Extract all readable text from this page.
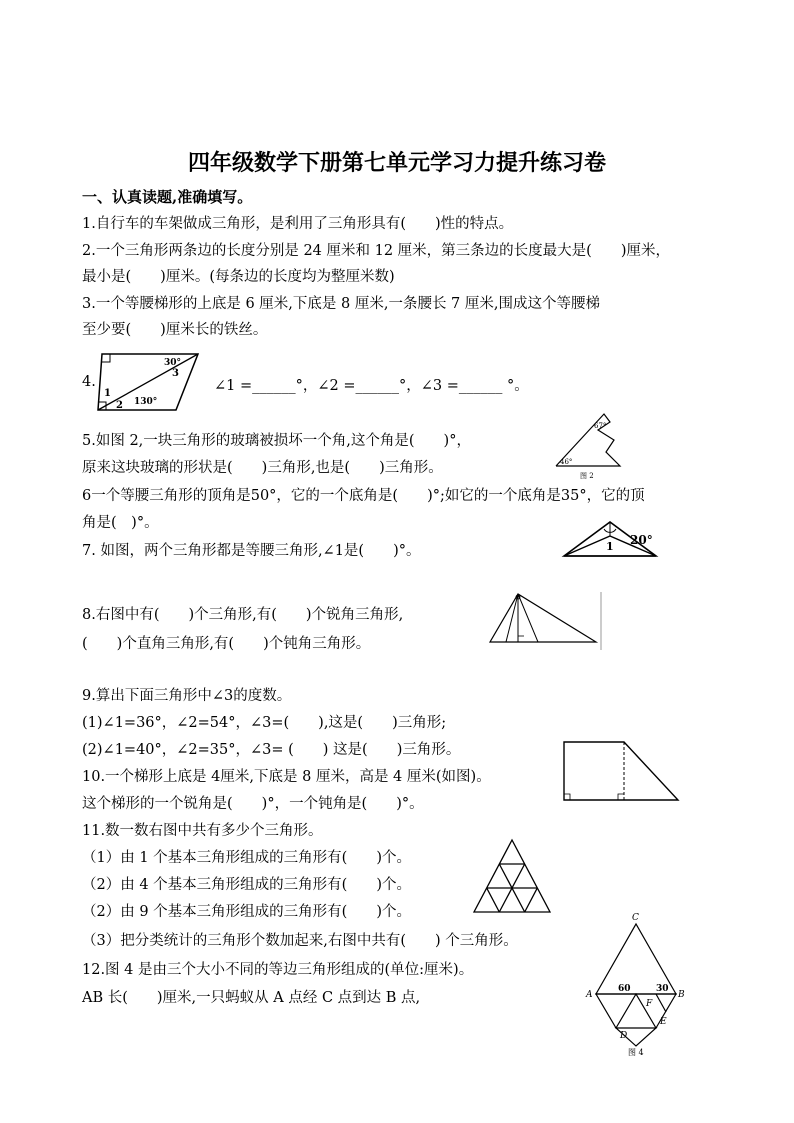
四年级数学下册第七单元学习力提升练习卷
一、认真读题,准确填写。
1.自行车的车架做成三角形，是利用了三角形具有(　　)性的特点。
2.一个三角形两条边的长度分别是 24 厘米和 12 厘米，第三条边的长度最大是(　　)厘米，
最小是(　　)厘米。(每条边的长度均为整厘米数)
3.一个等腰梯形的上底是 6 厘米,下底是 8 厘米,一条腰长 7 厘米,围成这个等腰梯
至少要(　　)厘米长的铁丝。
4.	∠1 =______°，∠2 =______°，∠3 =______ °。
1
2
3
30°
130°
5.如图 2,一块三角形的玻璃被损坏一个角,这个角是(　　)°，
原来这块玻璃的形状是(　　)三角形,也是(　　)三角形。
67°
46°
图 2
6一个等腰三角形的顶角是50°，它的一个底角是(　　)°;如它的一个底角是35°，它的顶
角是(　)°。
7. 如图，两个三角形都是等腰三角形,∠1是(　　)°。	1 20°
8.右图中有(　　)个三角形,有(　　)个锐角三角形,
(　　)个直角三角形,有(　　)个钝角三角形。
9.算出下面三角形中∠3的度数。
(1)∠1=36°，∠2=54°，∠3=(　　),这是(　　)三角形;
(2)∠1=40°，∠2=35°，∠3= (　　) 这是(　　)三角形。
10.一个梯形上底是 4厘米,下底是 8 厘米，高是 4 厘米(如图)。
这个梯形的一个锐角是(　　)°，一个钝角是(　　)°。
11.数一数右图中共有多少个三角形。
（1）由 1 个基本三角形组成的三角形有(　　)个。
（2）由 4 个基本三角形组成的三角形有(　　)个。
（2）由 9 个基本三角形组成的三角形有(　　)个。
（3）把分类统计的三角形个数加起来,右图中共有(　　) 个三角形。
12.图 4 是由三个大小不同的等边三角形组成的(单位:厘米)。
AB 长(　　)厘米,一只蚂蚁从 A 点经 C 点到达 B 点,
C
A	B
60	30
F
E
D
图 4
